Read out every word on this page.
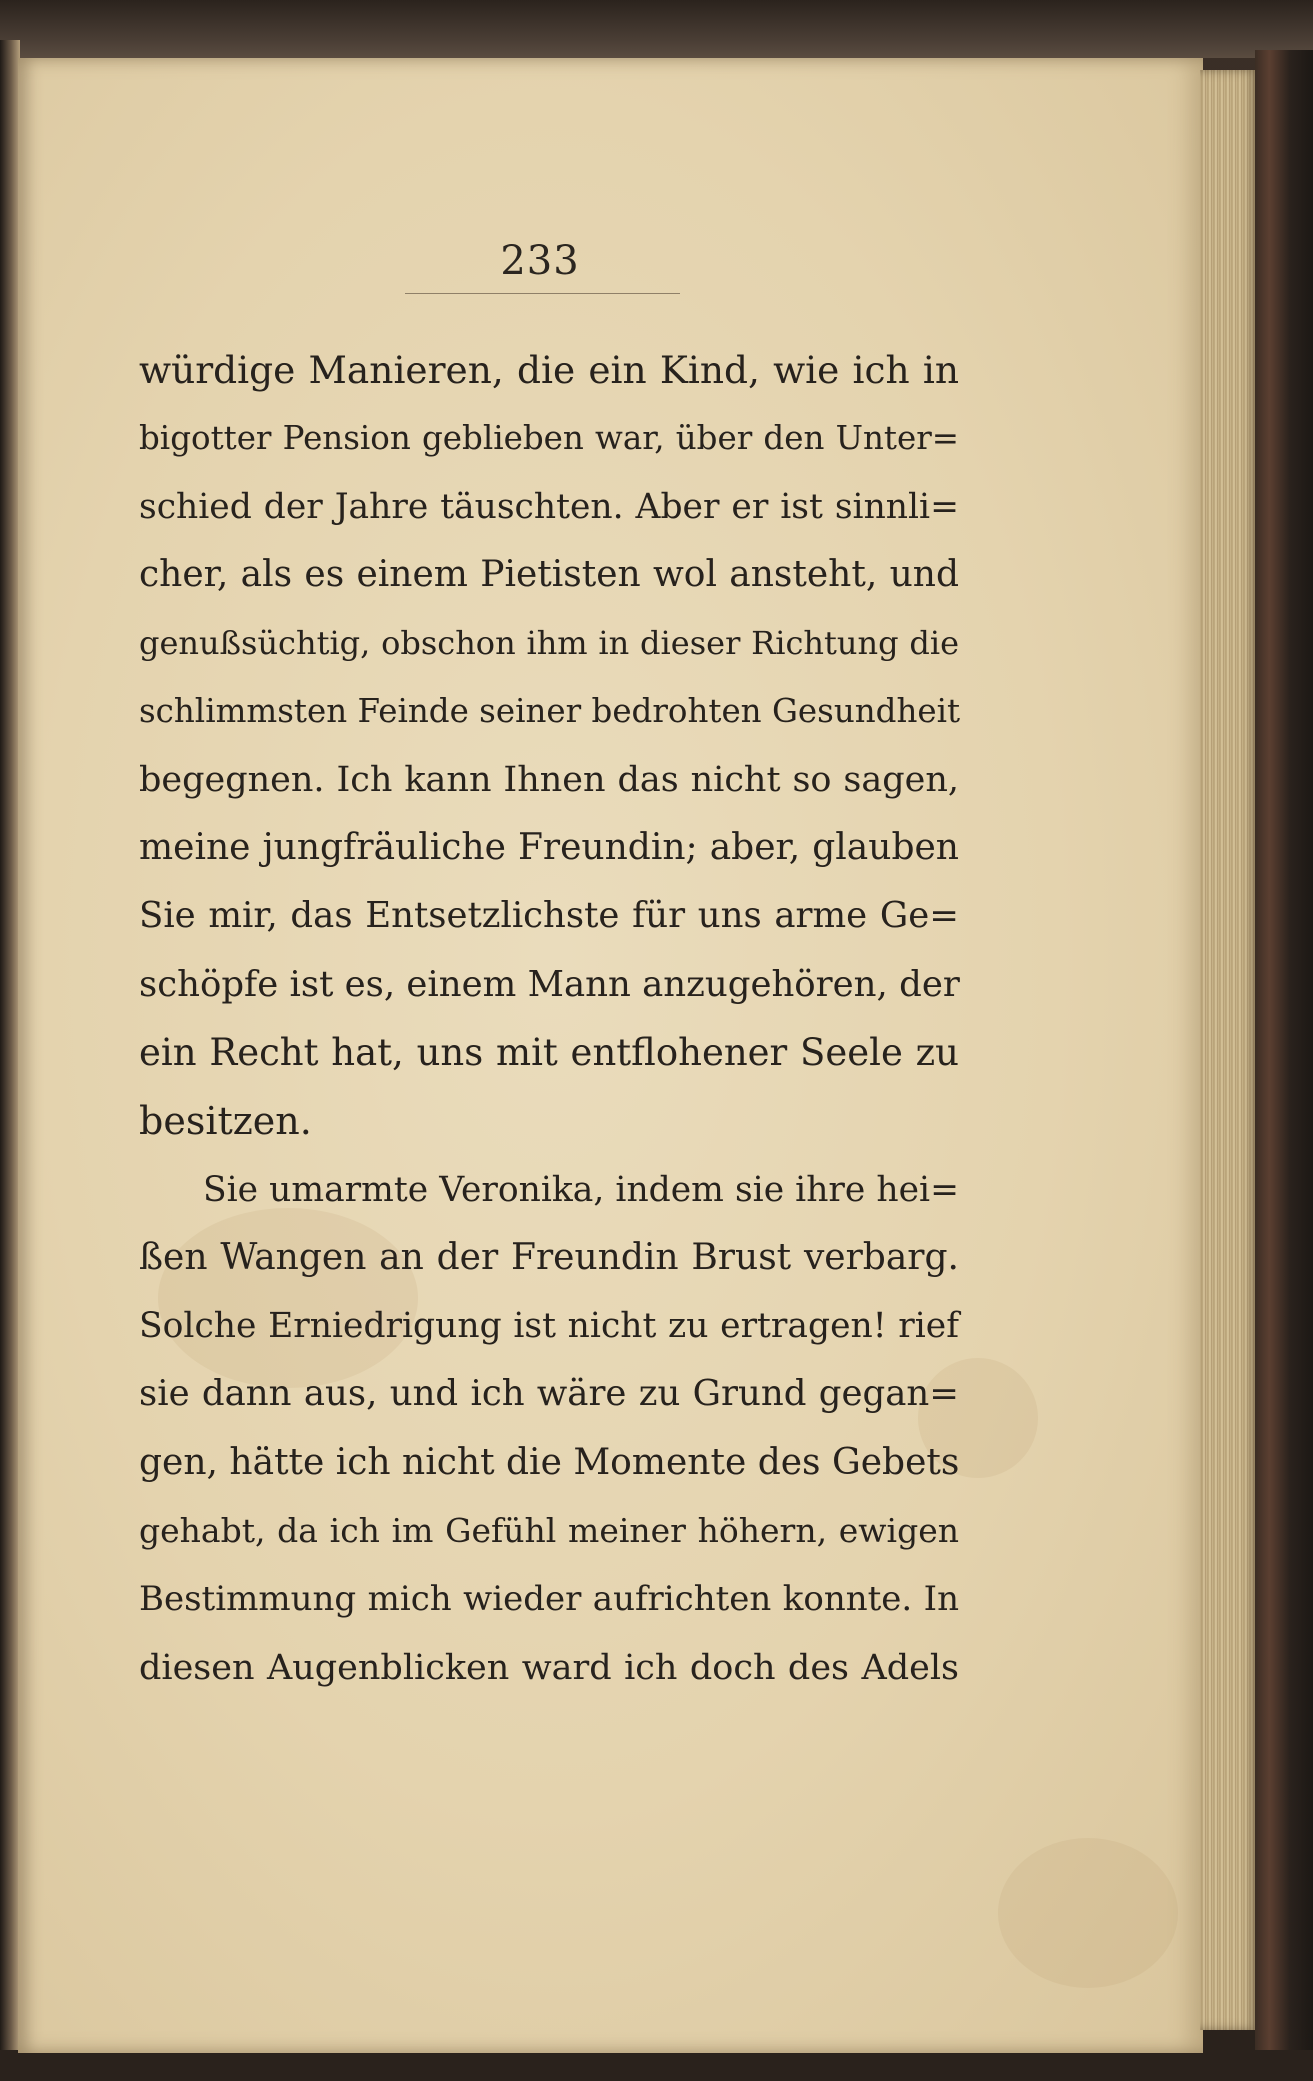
233
würdige Manieren, die ein Kind, wie ich in
bigotter Pension geblieben war, über den Unter=
schied der Jahre täuschten. Aber er ist sinnli=
cher, als es einem Pietisten wol ansteht, und
genußsüchtig, obschon ihm in dieser Richtung die
schlimmsten Feinde seiner bedrohten Gesundheit
begegnen. Ich kann Ihnen das nicht so sagen,
meine jungfräuliche Freundin; aber, glauben
Sie mir, das Entsetzlichste für uns arme Ge=
schöpfe ist es, einem Mann anzugehören, der
ein Recht hat, uns mit entflohener Seele zu
besitzen.
Sie umarmte Veronika, indem sie ihre hei=
ßen Wangen an der Freundin Brust verbarg.
Solche Erniedrigung ist nicht zu ertragen! rief
sie dann aus, und ich wäre zu Grund gegan=
gen, hätte ich nicht die Momente des Gebets
gehabt, da ich im Gefühl meiner höhern, ewigen
Bestimmung mich wieder aufrichten konnte. In
diesen Augenblicken ward ich doch des Adels
